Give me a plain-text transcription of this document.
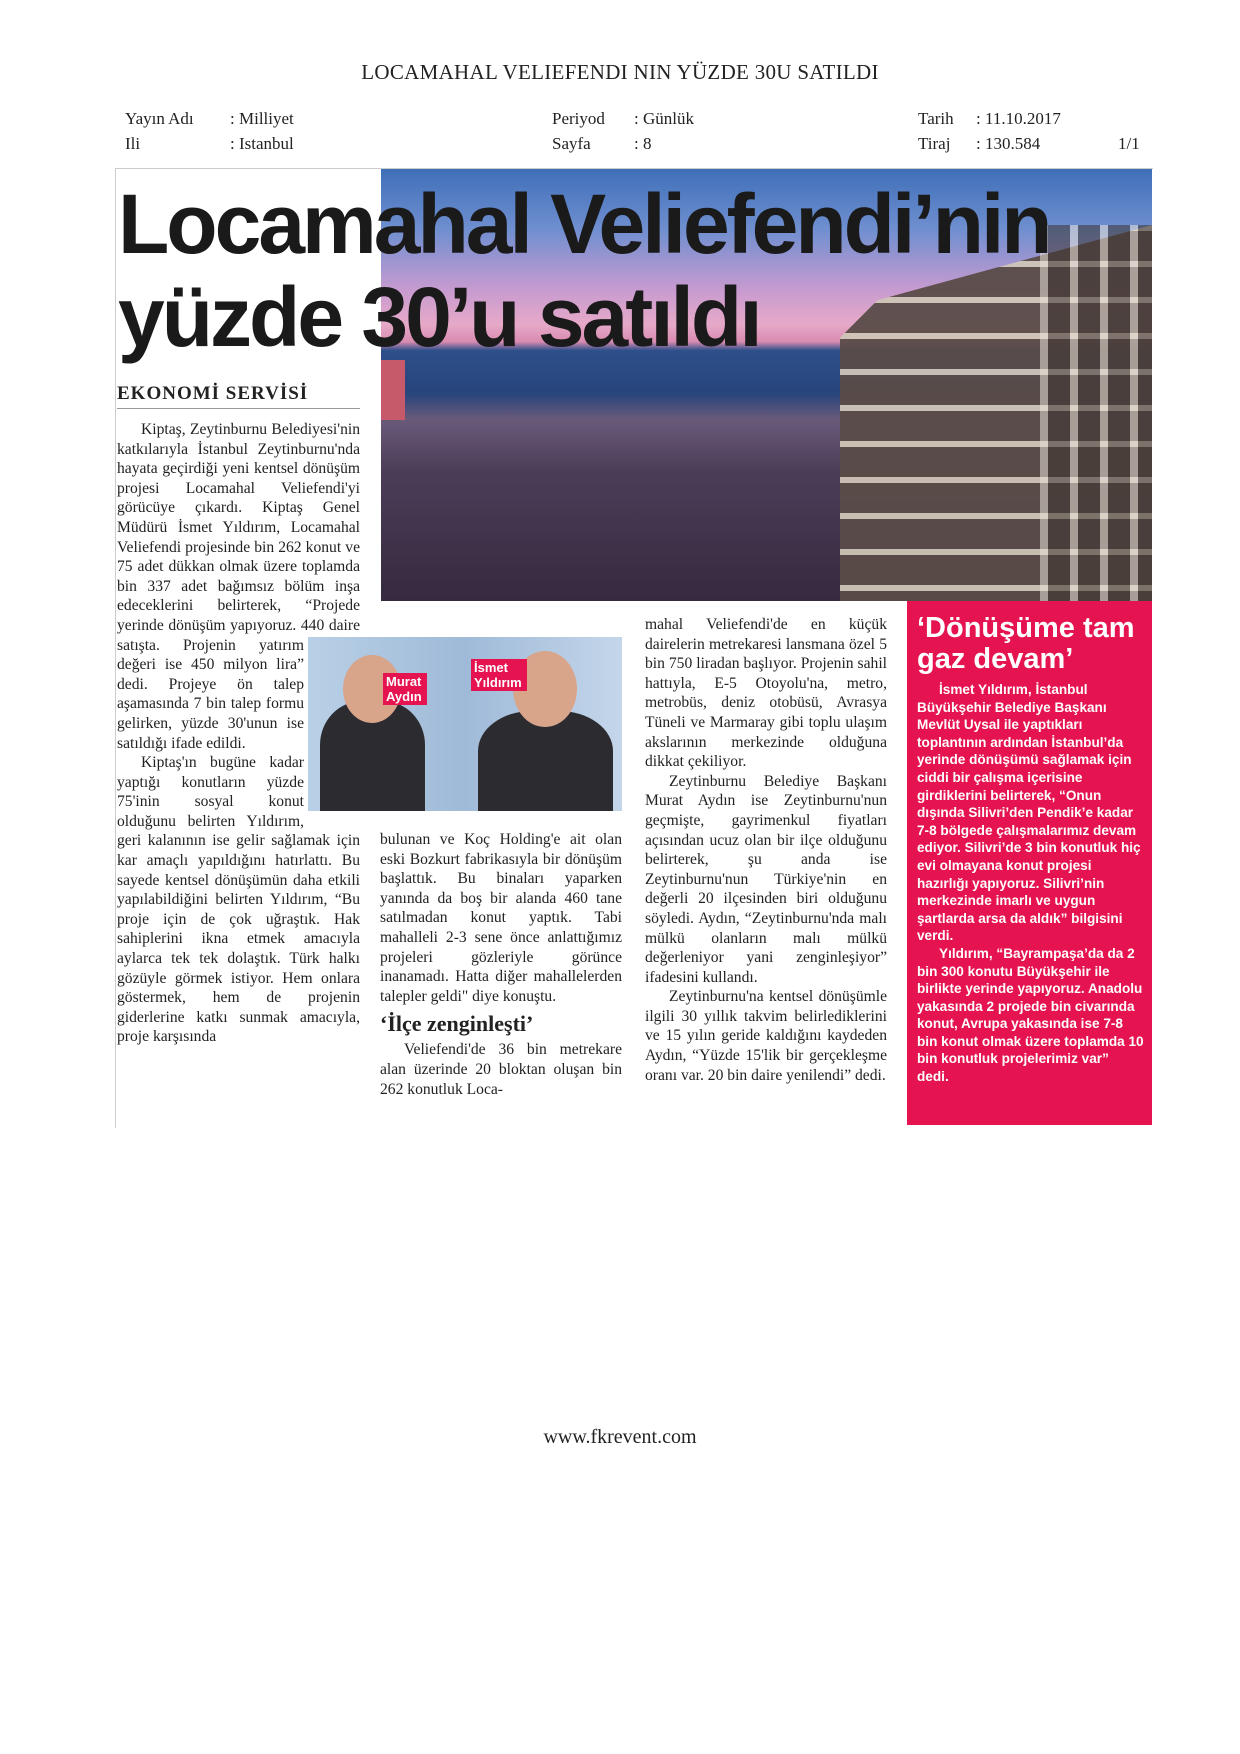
LOCAMAHAL VELIEFENDI NIN YÜZDE 30U SATILDI
Yayın Adı : Milliyet
Ili	: Istanbul
Periyod : Günlük
Sayfa	: 8
Tarih : 11.10.2017
Tiraj : 130.584	1/1
Locamahal Veliefendi’nin
yüzde 30’u satıldı
EKONOMİ SERVİSİ

Kiptaş, Zeytinburnu Belediyesi'nin katkılarıyla İstanbul Zeytinburnu'nda hayata geçirdiği yeni kentsel dönüşüm projesi Locamahal Veliefendi'yi görücüye çıkardı. Kiptaş Genel Müdürü İsmet Yıldırım, Locamahal Veliefendi projesinde bin 262 konut ve 75 adet dükkan olmak üzere toplamda bin 337 adet bağımsız bölüm inşa edeceklerini belirterek, “Projede yerinde dönüşüm yapıyoruz. 440 daire satışta. Projenin yatırım değeri ise 450 milyon lira” dedi. Projeye ön talep aşamasında 7 bin talep formu gelirken, yüzde 30'unun ise satıldığı ifade edildi.

Kiptaş'ın bugüne kadar yaptığı konutların yüzde 75'inin sosyal konut olduğunu belirten Yıldırım, geri kalanının ise gelir sağlamak için kar amaçlı yapıldığını hatırlattı. Bu sayede kentsel dönüşümün daha etkili yapılabildiğini belirten Yıldırım, “Bu proje için de çok uğraştık. Hak sahiplerini ikna etmek amacıyla aylarca tek tek dolaştık. Türk halkı gözüyle görmek istiyor. Hem onlara göstermek, hem de projenin giderlerine katkı sunmak amacıyla, proje karşısında

Murat Aydın
İsmet Yıldırım

bulunan ve Koç Holding'e ait olan eski Bozkurt fabrikasıyla bir dönüşüm başlattık. Bu binaları yaparken yanında da boş bir alanda 460 tane satılmadan konut yaptık. Tabi mahalleli 2-3 sene önce anlattığımız projeleri gözleriyle görünce inanamadı. Hatta diğer mahallelerden talepler geldi" diye konuştu.

‘İlçe zenginleşti’

Veliefendi'de 36 bin metrekare alan üzerinde 20 bloktan oluşan bin 262 konutluk Loca-

mahal Veliefendi'de en küçük dairelerin metrekaresi lansmana özel 5 bin 750 liradan başlıyor. Projenin sahil hattıyla, E-5 Otoyolu'na, metro, metrobüs, deniz otobüsü, Avrasya Tüneli ve Marmaray gibi toplu ulaşım akslarının merkezinde olduğuna dikkat çekiliyor.

Zeytinburnu Belediye Başkanı Murat Aydın ise Zeytinburnu'nun geçmişte, gayrimenkul fiyatları açısından ucuz olan bir ilçe olduğunu belirterek, şu anda ise Zeytinburnu'nun Türkiye'nin en değerli 20 ilçesinden biri olduğunu söyledi. Aydın, “Zeytinburnu'nda malı mülkü olanların malı mülkü değerleniyor yani zenginleşiyor” ifadesini kullandı.

Zeytinburnu'na kentsel dönüşümle ilgili 30 yıllık takvim belirlediklerini ve 15 yılın geride kaldığını kaydeden Aydın, “Yüzde 15'lik bir gerçekleşme oranı var. 20 bin daire yenilendi” dedi.

‘Dönüşüme tam gaz devam’

İsmet Yıldırım, İstanbul Büyükşehir Belediye Başkanı Mevlüt Uysal ile yaptıkları toplantının ardından İstanbul’da yerinde dönüşümü sağlamak için ciddi bir çalışma içerisine girdiklerini belirterek, “Onun dışında Silivri’den Pendik’e kadar 7-8 bölgede çalışmalarımız devam ediyor. Silivri’de 3 bin konutluk hiç evi olmayana konut projesi hazırlığı yapıyoruz. Silivri’nin merkezinde imarlı ve uygun şartlarda arsa da aldık” bilgisini verdi.

Yıldırım, “Bayrampaşa’da da 2 bin 300 konutu Büyükşehir ile birlikte yerinde yapıyoruz. Anadolu yakasında 2 projede bin civarında konut, Avrupa yakasında ise 7-8 bin konut olmak üzere toplamda 10 bin konutluk projelerimiz var” dedi.

www.fkrevent.com
